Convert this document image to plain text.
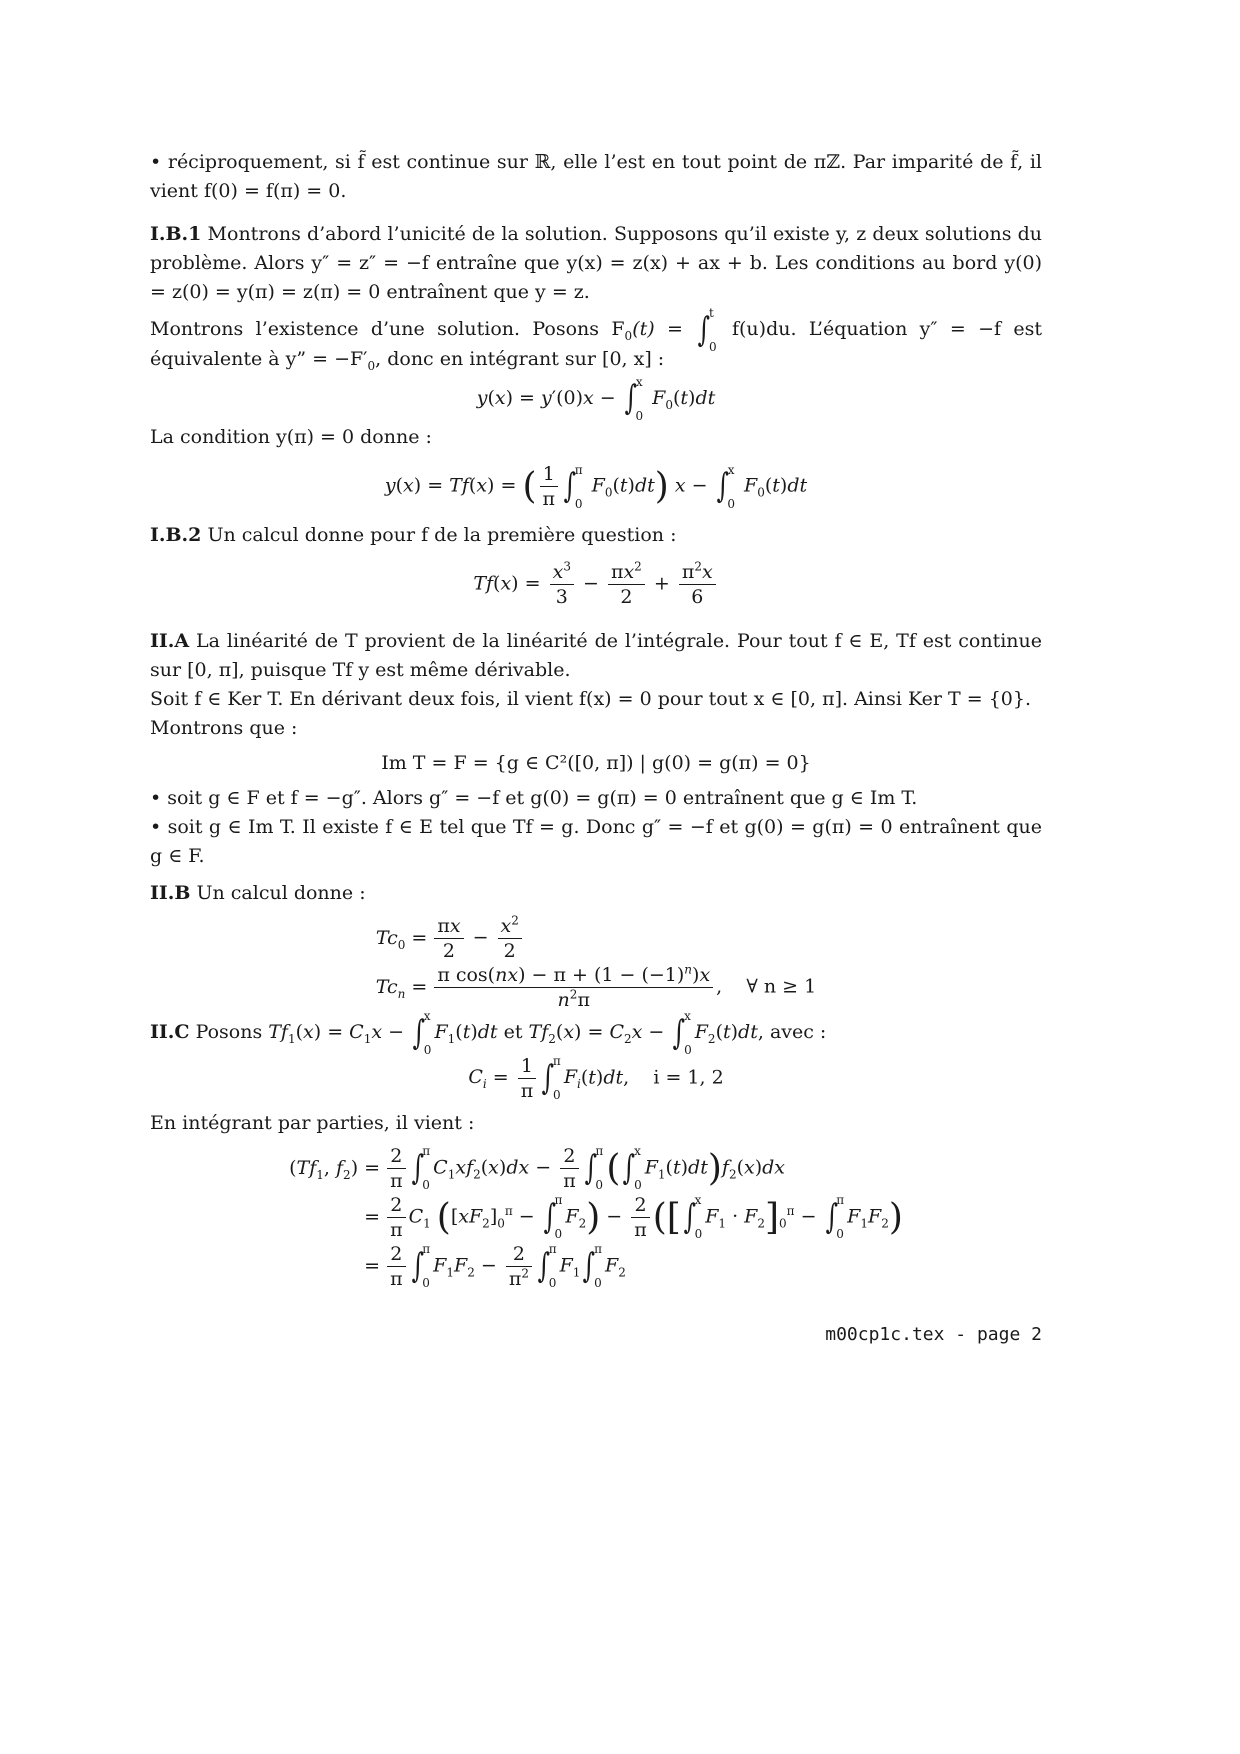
• réciproquement, si f̃ est continue sur ℝ, elle l’est en tout point de πℤ. Par imparité de f̃, il vient f(0) = f(π) = 0.

I.B.1 Montrons d’abord l’unicité de la solution. Supposons qu’il existe y, z deux solutions du problème. Alors y″ = z″ = −f entraîne que y(x) = z(x) + ax + b. Les conditions au bord y(0) = z(0) = y(π) = z(π) = 0 entraînent que y = z.

Montrons l’existence d’une solution. Posons $F_0(t)$ = ∫
t
0
f(u)du. L’équation y″ = −f est équivalente à y” = $-F'_0$, donc en intégrant sur [0, x] :

y(x) = y′(0)x − ∫ x
0
$F_0(t)dt$

La condition y(π) = 0 donne :

y(x) = Tf(x) = ( $\frac{1}{\pi}$ ∫
π
0
$F_0(t)dt$) x − ∫ x
0
$F_0(t)dt$

I.B.2 Un calcul donne pour f de la première question :

$Tf(x) = \frac{x^3}{3} - \frac{\pi x^2}{2} + \frac{\pi^2x}{6}$

II.A La linéarité de T provient de la linéarité de l’intégrale. Pour tout f ∈ E, Tf est continue sur [0, π], puisque Tf y est même dérivable.

Soit f ∈ Ker T. En dérivant deux fois, il vient f(x) = 0 pour tout x ∈ [0, π]. Ainsi Ker T = {0}.

Montrons que :

Im T = F = {g ∈ C²([0, π]) | g(0) = g(π) = 0}

• soit g ∈ F et f = −g″. Alors g″ = −f et g(0) = g(π) = 0 entraînent que g ∈ Im T.

• soit g ∈ Im T. Il existe f ∈ E tel que Tf = g. Donc g″ = −f et g(0) = g(π) = 0 entraînent que g ∈ F.

II.B Un calcul donne :

$Tc_0 = \frac{\pi x}{2} - \frac{x^2}{2}$
$Tc_n = \frac{\pi \cos(nx) - \pi + (1 - (-1)^n)x}{n^2\pi}$ ,    ∀ n ≥ 1

II.C Posons $Tf_1(x) = C_1x$ − ∫
x
0
$F_1(t)dt$ et $Tf_2(x) = C_2x$ − ∫
x
0
$F_2(t)dt$, avec :

$C_i = \frac{1}{\pi}$ ∫
π
0
$F_i(t)dt$,    i = 1, 2

En intégrant par parties, il vient :

($Tf_1$, $f_2) = \frac{2}{\pi}$ ∫
π
0
$C_1xf_2(x)dx - \frac{2}{\pi}$ ∫
π
0 (∫
x
0
$F_1(t)dt)f_2(x)dx$
= $\frac{2}{\pi} C_1$ ($[xF_2]_0^\pi$ − ∫
π
0
$F_2) - \frac{2}{\pi}$ ([∫
x
0
$F_1 \cdot F_2]_0^\pi$ − ∫
π
0
$F_1F_2$)
= $\frac{2}{\pi}$ ∫
π
0
$F_1F_2 - \frac{2}{\pi^2}$ ∫
π
0
$F_1\int$
π
0
$F_2$
m00cp1c.tex - page 2
